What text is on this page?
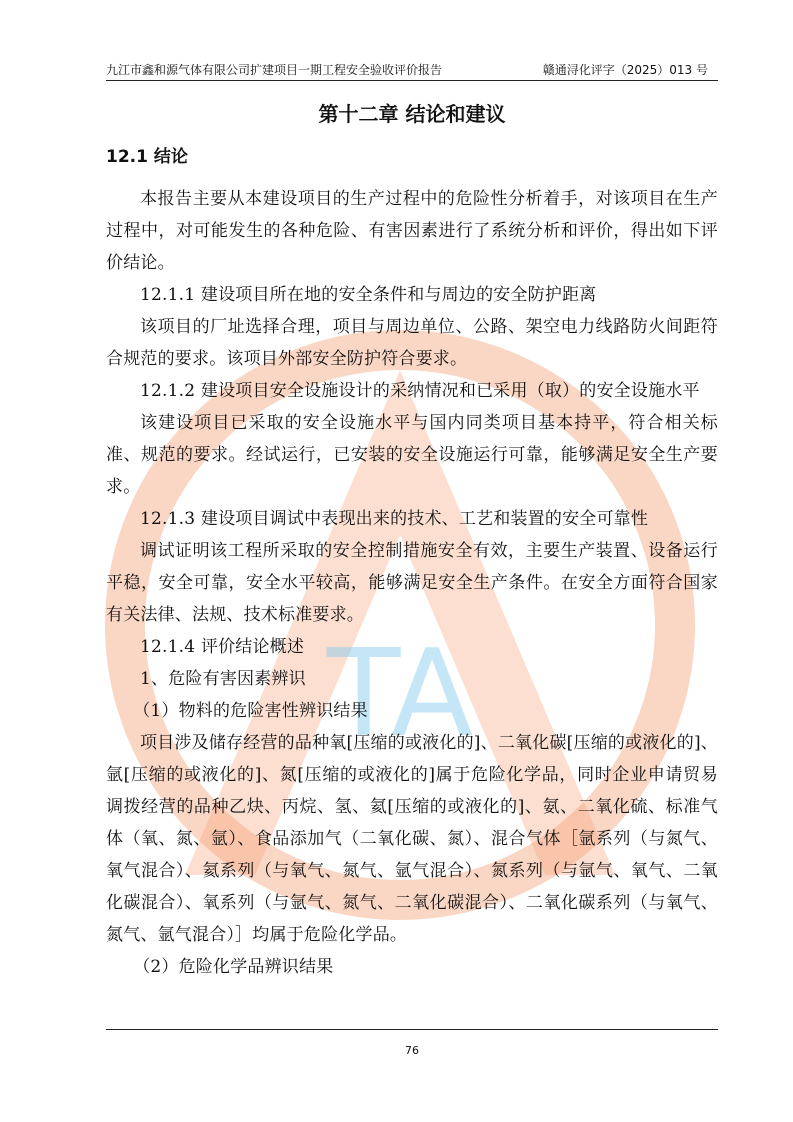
九江市鑫和源气体有限公司扩建项目一期工程安全验收评价报告	赣通浔化评字（2025）013 号
TA
第十二章 结论和建议
12.1 结论

本报告主要从本建设项目的生产过程中的危险性分析着手，对该项目在生产过程中，对可能发生的各种危险、有害因素进行了系统分析和评价，得出如下评价结论。

12.1.1 建设项目所在地的安全条件和与周边的安全防护距离

该项目的厂址选择合理，项目与周边单位、公路、架空电力线路防火间距符合规范的要求。该项目外部安全防护符合要求。

12.1.2 建设项目安全设施设计的采纳情况和已采用（取）的安全设施水平

该建设项目已采取的安全设施水平与国内同类项目基本持平，符合相关标准、规范的要求。经试运行，已安装的安全设施运行可靠，能够满足安全生产要求。

12.1.3 建设项目调试中表现出来的技术、工艺和装置的安全可靠性

调试证明该工程所采取的安全控制措施安全有效，主要生产装置、设备运行平稳，安全可靠，安全水平较高，能够满足安全生产条件。在安全方面符合国家有关法律、法规、技术标准要求。

12.1.4 评价结论概述

1、危险有害因素辨识

（1）物料的危险害性辨识结果

项目涉及储存经营的品种氧[压缩的或液化的]、二氧化碳[压缩的或液化的]、氩[压缩的或液化的]、氮[压缩的或液化的]属于危险化学品，同时企业申请贸易调拨经营的品种乙炔、丙烷、氢、氦[压缩的或液化的]、氨、二氧化硫、标准气体（氧、氮、氩）、食品添加气（二氧化碳、氮）、混合气体［氩系列（与氮气、氧气混合）、氦系列（与氧气、氮气、氩气混合）、氮系列（与氩气、氧气、二氧化碳混合）、氧系列（与氩气、氮气、二氧化碳混合）、二氧化碳系列（与氧气、氮气、氩气混合）］均属于危险化学品。

（2）危险化学品辨识结果

76
